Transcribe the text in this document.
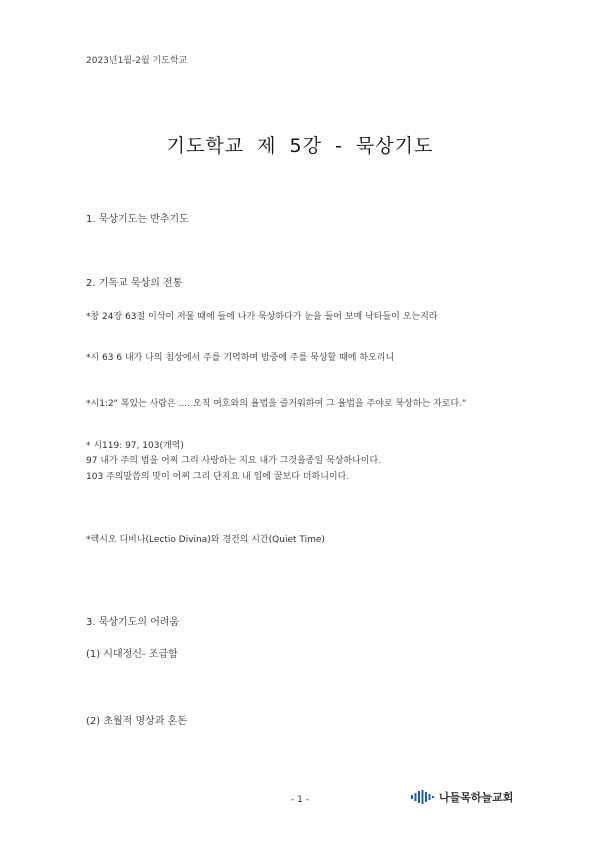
2023년1월-2월 기도학교
기도학교 제 5강 - 묵상기도
1. 묵상기도는 반추기도
2. 기독교 묵상의 전통
*창 24장 63절 이삭이 저물 때에 들에 나가 묵상하다가 눈을 들어 보매 낙타들이 오는지라
*시 63 6 내가 나의 침상에서 주를 기억하며 밤중에 주를 묵상할 때에 하오리니
*시1:2" 복있는 사람은 .... 오직 여호와의 율법을 즐거워하여 그 율법을 주야로 묵상하는 자로다."
* 시119: 97, 103(개역)
97 내가 주의 법을 어찌 그리 사랑하는 지요 내가 그것을종일 묵상하나이다.
103 주의말씀의 맛이 어찌 그리 단지요 내 입에 꿀보다 더하니이다.
*렉시오 디비나(Lectio Divina)와 경건의 시간(Quiet Time)
3. 묵상기도의 어려움
(1) 시대정신- 조급함
(2) 초월적 명상과 혼돈
- 1 -	나들목하늘교회
